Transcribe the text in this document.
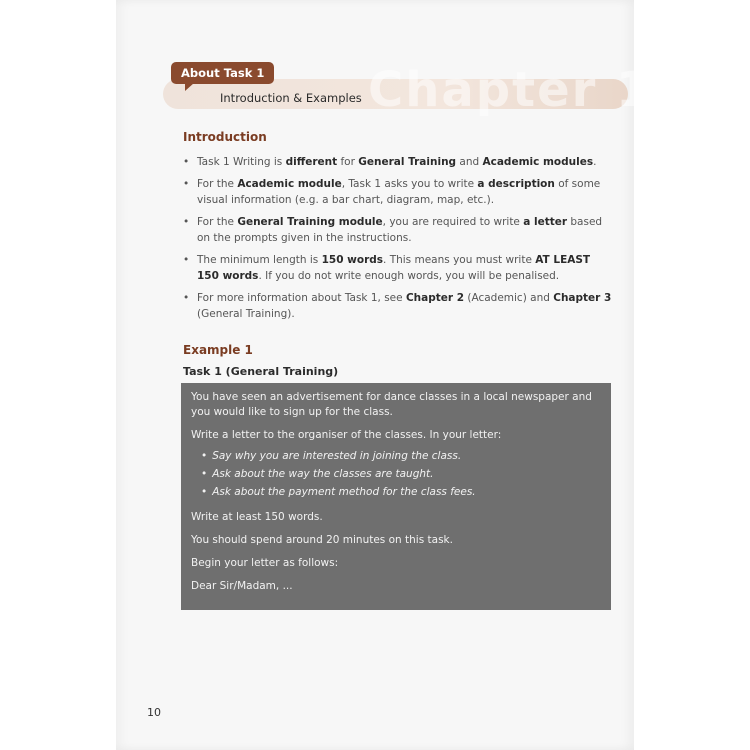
Chapter 1
About Task 1
Introduction & Examples
Introduction
• Task 1 Writing is different for General Training and Academic modules.
• For the Academic module, Task 1 asks you to write a description of some visual information (e.g. a bar chart, diagram, map, etc.).
• For the General Training module, you are required to write a letter based on the prompts given in the instructions.
• The minimum length is 150 words. This means you must write AT LEAST 150 words. If you do not write enough words, you will be penalised.
• For more information about Task 1, see Chapter 2 (Academic) and Chapter 3 (General Training).
Example 1
Task 1 (General Training)

You have seen an advertisement for dance classes in a local newspaper and you would like to sign up for the class.

Write a letter to the organiser of the classes. In your letter:

• Say why you are interested in joining the class.
• Ask about the way the classes are taught.
• Ask about the payment method for the class fees.

Write at least 150 words.

You should spend around 20 minutes on this task.

Begin your letter as follows:

Dear Sir/Madam, ...

10
